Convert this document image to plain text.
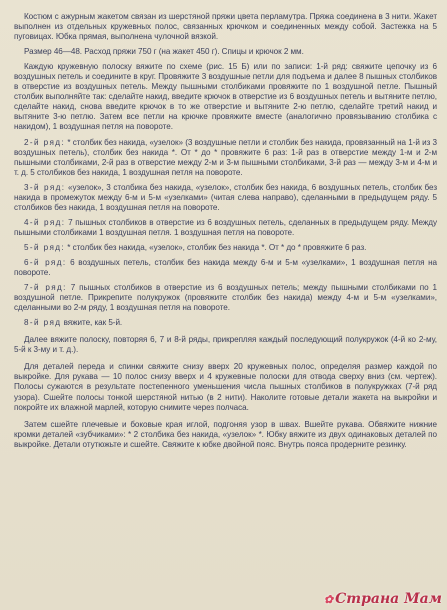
Костюм с ажурным жакетом связан из шерстяной пряжи цвета перламутра. Пряжа соединена в 3 нити. Жакет выполнен из отдельных кружевных полос, связанных крючком и соединенных между собой. Застежка на 5 пуговицах. Юбка прямая, выполнена чулочной вязкой.

Размер 46—48. Расход пряжи 750 г (на жакет 450 г). Спицы и крючок 2 мм.

Каждую кружевную полоску вяжите по схеме (рис. 15 Б) или по записи: 1-й ряд: свяжите цепочку из 6 воздушных петель и соедините в круг. Провяжите 3 воздушные петли для подъема и далее 8 пышных столбиков в отверстие из воздушных петель. Между пышными столбиками провяжите по 1 воздушной петле. Пышный столбик выполняйте так: сделайте накид, введите крючок в отверстие из 6 воздушных петель и вытяните петлю, сделайте накид, снова введите крючок в то же отверстие и вытяните 2-ю петлю, сделайте третий накид и вытяните 3-ю петлю. Затем все петли на крючке провяжите вместе (аналогично провязыванию столбика с накидом), 1 воздушная петля на повороте.

2-й ряд: * столбик без накида, «узелок» (3 воздушные петли и столбик без накида, провязанный на 1-й из 3 воздушных петель), столбик без накида *. От * до * провяжите 6 раз: 1-й раз в отверстие между 1-м и 2-м пышными столбиками, 2-й раз в отверстие между 2-м и 3-м пышными столбиками, 3-й раз — между 3-м и 4-м и т. д. 5 столбиков без накида, 1 воздушная петля на повороте.

3-й ряд: «узелок», 3 столбика без накида, «узелок», столбик без накида, 6 воздушных петель, столбик без накида в промежуток между 6-м и 5-м «узелками» (читая слева направо), сделанными в предыдущем ряду. 5 столбиков без накида, 1 воздушная петля на повороте.

4-й ряд: 7 пышных столбиков в отверстие из 6 воздушных петель, сделанных в предыдущем ряду. Между пышными столбиками 1 воздушная петля. 1 воздушная петля на повороте.

5-й ряд: * столбик без накида, «узелок», столбик без накида *. От * до * провяжите 6 раз.

6-й ряд: 6 воздушных петель, столбик без накида между 6-м и 5-м «узелками», 1 воздушная петля на повороте.

7-й ряд: 7 пышных столбиков в отверстие из 6 воздушных петель; между пышными столбиками по 1 воздушной петле. Прикрепите полукружок (провяжите столбик без накида) между 4-м и 5-м «узелками», сделанными во 2-м ряду, 1 воздушная петля на повороте.

8-й ряд вяжите, как 5-й.

Далее вяжите полоску, повторяя 6, 7 и 8-й ряды, прикрепляя каждый последующий полукружок (4-й ко 2-му, 5-й к 3-му и т. д.).

Для деталей переда и спинки свяжите снизу вверх 20 кружевных полос, определяя размер каждой по выкройке. Для рукава — 10 полос снизу вверх и 4 кружевные полоски для отвода сверху вниз (см. чертеж). Полосы сужаются в результате постепенного уменьшения числа пышных столбиков в полукружках (7-й ряд узора). Сшейте полосы тонкой шерстяной нитью (в 2 нити). Наколите готовые детали жакета на выкройки и покройте их влажной марлей, которую снимите через полчаса.

Затем сшейте плечевые и боковые края иглой, подгоняя узор в швах. Вшейте рукава. Обвяжите нижние кромки деталей «зубчиками»: * 2 столбика без накида, «узелок» *. Юбку вяжите из двух одинаковых деталей по выкройке. Детали отутюжьте и сшейте. Свяжите к юбке двойной пояс. Внутрь пояса продерните резинку.

✿ Страна Мам
